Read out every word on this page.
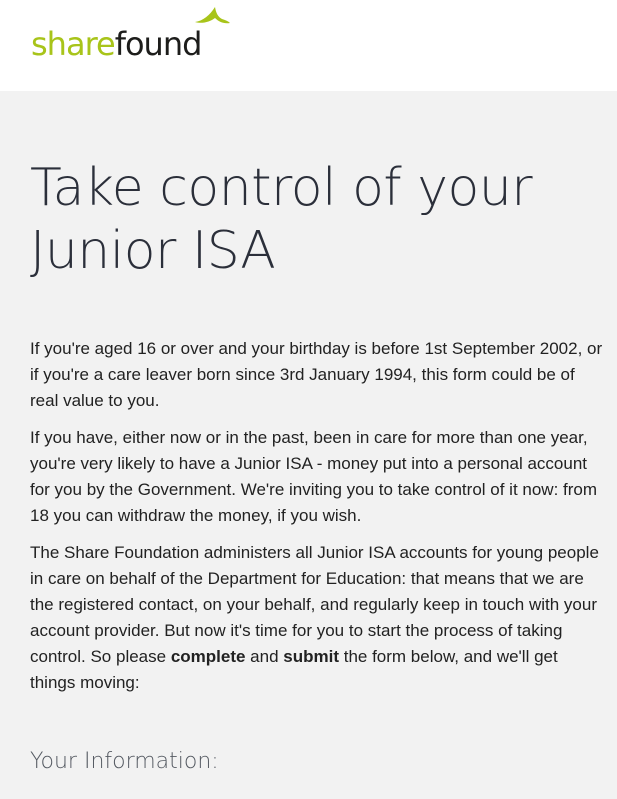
sharefound
Take control of your Junior ISA

If you're aged 16 or over and your birthday is before 1st September 2002, or if you're a care leaver born since 3rd January 1994, this form could be of real value to you.

If you have, either now or in the past, been in care for more than one year, you're very likely to have a Junior ISA - money put into a personal account for you by the Government. We're inviting you to take control of it now: from 18 you can withdraw the money, if you wish.

The Share Foundation administers all Junior ISA accounts for young people in care on behalf of the Department for Education: that means that we are the registered contact, on your behalf, and regularly keep in touch with your account provider. But now it's time for you to start the process of taking control. So please complete and submit the form below, and we'll get things moving:

Your Information:
